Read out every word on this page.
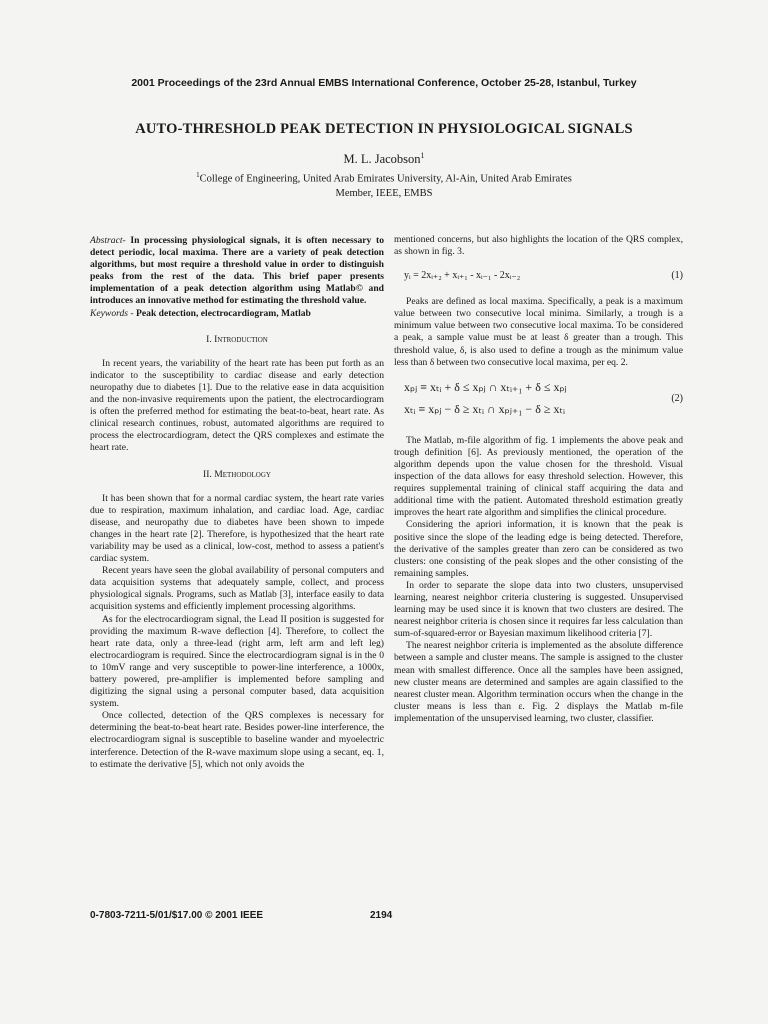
2001 Proceedings of the 23rd Annual EMBS International Conference, October 25-28, Istanbul, Turkey
AUTO-THRESHOLD PEAK DETECTION IN PHYSIOLOGICAL SIGNALS
M. L. Jacobson$^1$
$^1$College of Engineering, United Arab Emirates University, Al-Ain, United Arab Emirates
Member, IEEE, EMBS

Abstract- In processing physiological signals, it is often necessary to detect periodic, local maxima. There are a variety of peak detection algorithms, but most require a threshold value in order to distinguish peaks from the rest of the data. This brief paper presents implementation of a peak detection algorithm using Matlab© and introduces an innovative method for estimating the threshold value.

Keywords - Peak detection, electrocardiogram, Matlab

I. Introduction

In recent years, the variability of the heart rate has been put forth as an indicator to the susceptibility to cardiac disease and early detection neuropathy due to diabetes [1]. Due to the relative ease in data acquisition and the non-invasive requirements upon the patient, the electrocardiogram is often the preferred method for estimating the beat-to-beat, heart rate. As clinical research continues, robust, automated algorithms are required to process the electrocardiogram, detect the QRS complexes and estimate the heart rate.

II. Methodology

It has been shown that for a normal cardiac system, the heart rate varies due to respiration, maximum inhalation, and cardiac load. Age, cardiac disease, and neuropathy due to diabetes have been shown to impede changes in the heart rate [2]. Therefore, is hypothesized that the heart rate variability may be used as a clinical, low-cost, method to assess a patient's cardiac system.

Recent years have seen the global availability of personal computers and data acquisition systems that adequately sample, collect, and process physiological signals. Programs, such as Matlab [3], interface easily to data acquisition systems and efficiently implement processing algorithms.

As for the electrocardiogram signal, the Lead II position is suggested for providing the maximum R-wave deflection [4]. Therefore, to collect the heart rate data, only a three-lead (right arm, left arm and left leg) electrocardiogram is required. Since the electrocardiogram signal is in the 0 to 10mV range and very susceptible to power-line interference, a 1000x, battery powered, pre-amplifier is implemented before sampling and digitizing the signal using a personal computer based, data acquisition system.

Once collected, detection of the QRS complexes is necessary for determining the beat-to-beat heart rate. Besides power-line interference, the electrocardiogram signal is susceptible to baseline wander and myoelectric interference. Detection of the R-wave maximum slope using a secant, eq. 1, to estimate the derivative [5], which not only avoids the

mentioned concerns, but also highlights the location of the QRS complex, as shown in fig. 3.

yᵢ = 2xᵢ₊₂ + xᵢ₊₁ - xᵢ₋₁ - 2xᵢ₋₂	(1)

Peaks are defined as local maxima. Specifically, a peak is a maximum value between two consecutive local minima. Similarly, a trough is a minimum value between two consecutive local maxima. To be considered a peak, a sample value must be at least δ greater than a trough. This threshold value, δ, is also used to define a trough as the minimum value less than δ between two consecutive local maxima, per eq. 2.

xₚⱼ ≡ xₜᵢ + δ ≤ xₚⱼ ∩ xₜᵢ₊₁ + δ ≤ xₚⱼ
xₜᵢ ≡ xₚⱼ − δ ≥ xₜᵢ ∩ xₚⱼ₊₁ − δ ≥ xₜᵢ
(2)

The Matlab, m-file algorithm of fig. 1 implements the above peak and trough definition [6]. As previously mentioned, the operation of the algorithm depends upon the value chosen for the threshold. Visual inspection of the data allows for easy threshold selection. However, this requires supplemental training of clinical staff acquiring the data and additional time with the patient. Automated threshold estimation greatly improves the heart rate algorithm and simplifies the clinical procedure.

Considering the apriori information, it is known that the peak is positive since the slope of the leading edge is being detected. Therefore, the derivative of the samples greater than zero can be considered as two clusters: one consisting of the peak slopes and the other consisting of the remaining samples.

In order to separate the slope data into two clusters, unsupervised learning, nearest neighbor criteria clustering is suggested. Unsupervised learning may be used since it is known that two clusters are desired. The nearest neighbor criteria is chosen since it requires far less calculation than sum-of-squared-error or Bayesian maximum likelihood criteria [7].

The nearest neighbor criteria is implemented as the absolute difference between a sample and cluster means. The sample is assigned to the cluster mean with smallest difference. Once all the samples have been assigned, new cluster means are determined and samples are again classified to the nearest cluster mean. Algorithm termination occurs when the change in the cluster means is less than ε. Fig. 2 displays the Matlab m-file implementation of the unsupervised learning, two cluster, classifier.

0-7803-7211-5/01/$17.00 © 2001 IEEE	2194
